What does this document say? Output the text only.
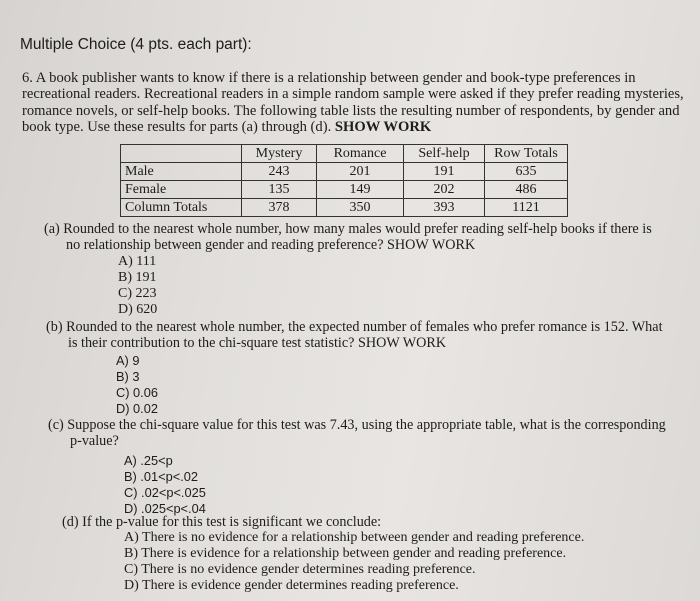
Multiple Choice (4 pts. each part):
6. A book publisher wants to know if there is a relationship between gender and book-type preferences in recreational readers. Recreational readers in a simple random sample were asked if they prefer reading mysteries, romance novels, or self-help books. The following table lists the resulting number of respondents, by gender and book type. Use these results for parts (a) through (d). SHOW WORK
	Mystery	Romance	Self-help	Row Totals
Male	243	201	191	635
Female	135	149	202	486
Column Totals	378	350	393	1121
(a) Rounded to the nearest whole number, how many males would prefer reading self-help books if there is
no relationship between gender and reading preference? SHOW WORK
A) 111
B) 191
C) 223
D) 620
(b) Rounded to the nearest whole number, the expected number of females who prefer romance is 152. What
is their contribution to the chi-square test statistic? SHOW WORK
A) 9
B) 3
C) 0.06
D) 0.02
(c) Suppose the chi-square value for this test was 7.43, using the appropriate table, what is the corresponding
p-value?
A) .25<p
B) .01<p<.02
C) .02<p<.025
D) .025<p<.04
(d) If the p-value for this test is significant we conclude:
A) There is no evidence for a relationship between gender and reading preference.
B) There is evidence for a relationship between gender and reading preference.
C) There is no evidence gender determines reading preference.
D) There is evidence gender determines reading preference.
